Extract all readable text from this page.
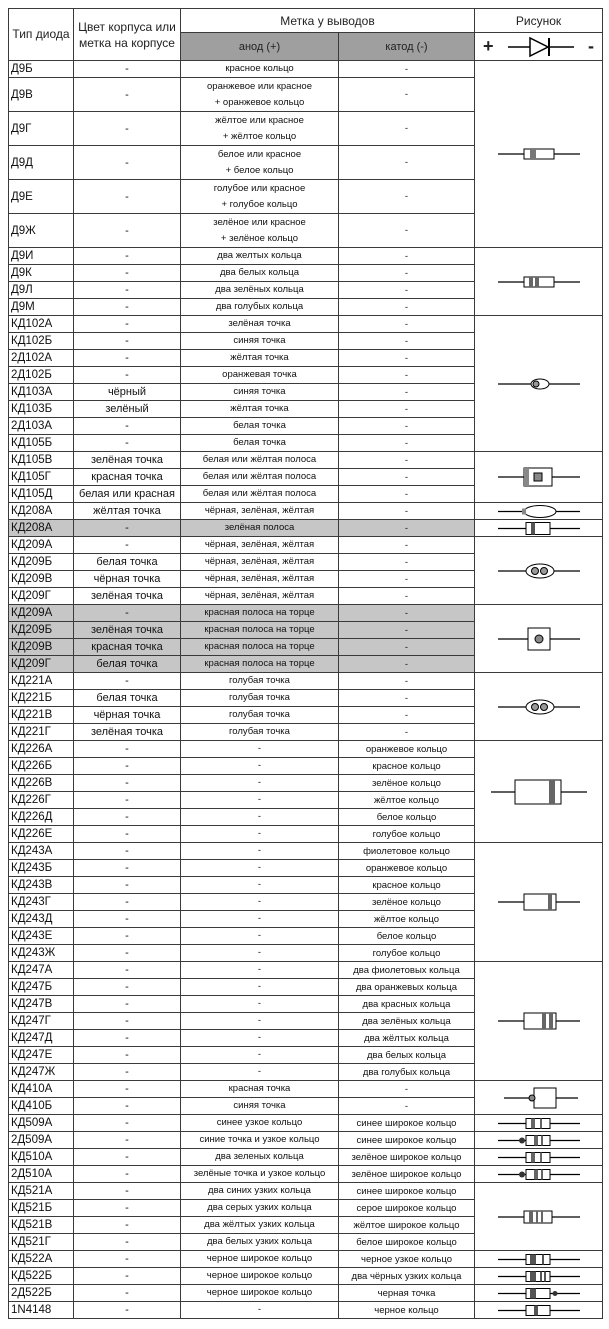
Тип диода	Цвет корпуса или метка на корпусе	Метка у выводов		Рисунок
		анод (+)	катод (-)	+ -

Д9Б	-	красное кольцо	-	

Д9В	-	оранжевое или красное
+ оранжевое кольцо	-	
Д9Г	-	жёлтое или красное
+ жёлтое кольцо	-	
Д9Д	-	белое или красное
+ белое кольцо	-	
Д9Е	-	голубое или красное
+ голубое кольцо	-	
Д9Ж	-	зелёное или красное
+ зелёное кольцо	-	
Д9И	-	два желтых кольца	-	

Д9К	-	два белых кольца	-	
Д9Л	-	два зелёных кольца	-	
Д9М	-	два голубых кольца	-	
КД102А	-	зелёная точка	-	

КД102Б	-	синяя точка	-	
2Д102А	-	жёлтая точка	-	
2Д102Б	-	оранжевая точка	-	
КД103А	чёрный	синяя точка	-	
КД103Б	зелёный	жёлтая точка	-	
2Д103А	-	белая точка	-	
КД105Б	-	белая точка	-	
КД105В	зелёная точка	белая или жёлтая полоса	-	

КД105Г	красная точка	белая или жёлтая полоса	-	
КД105Д	белая или красная	белая или жёлтая полоса	-	
КД208А	жёлтая точка	чёрная, зелёная, жёлтая	-	

КД208А	-	зелёная полоса	-	

КД209А	-	чёрная, зелёная, жёлтая	-	

КД209Б	белая точка	чёрная, зелёная, жёлтая	-	
КД209В	чёрная точка	чёрная, зелёная, жёлтая	-	
КД209Г	зелёная точка	чёрная, зелёная, жёлтая	-	
КД209А	-	красная полоса на торце	-	

КД209Б	зелёная точка	красная полоса на торце	-	
КД209В	красная точка	красная полоса на торце	-	
КД209Г	белая точка	красная полоса на торце	-	
КД221А	-	голубая точка	-	

КД221Б	белая точка	голубая точка	-	
КД221В	чёрная точка	голубая точка	-	
КД221Г	зелёная точка	голубая точка	-	
КД226А	-	-	оранжевое кольцо	

КД226Б	-	-	красное кольцо	
КД226В	-	-	зелёное кольцо	
КД226Г	-	-	жёлтое кольцо	
КД226Д	-	-	белое кольцо	
КД226Е	-	-	голубое кольцо	
КД243А	-	-	фиолетовое кольцо	

КД243Б	-	-	оранжевое кольцо	
КД243В	-	-	красное кольцо	
КД243Г	-	-	зелёное кольцо	
КД243Д	-	-	жёлтое кольцо	
КД243Е	-	-	белое кольцо	
КД243Ж	-	-	голубое кольцо	
КД247А	-	-	два фиолетовых кольца	

КД247Б	-	-	два оранжевых кольца	
КД247В	-	-	два красных кольца	
КД247Г	-	-	два зелёных кольца	
КД247Д	-	-	два жёлтых кольца	
КД247Е	-	-	два белых кольца	
КД247Ж	-	-	два голубых кольца	
КД410А	-	красная точка	-	

КД410Б	-	синяя точка	-	
КД509А	-	синее узкое кольцо	синее широкое кольцо	

2Д509А	-	синие точка и узкое кольцо	синее широкое кольцо	

КД510А	-	два зеленых кольца	зелёное широкое кольцо	

2Д510А	-	зелёные точка и узкое кольцо	зелёное широкое кольцо	

КД521А	-	два синих узких кольца	синее широкое кольцо	

КД521Б	-	два серых узких кольца	серое широкое кольцо	
КД521В	-	два жёлтых узких кольца	жёлтое широкое кольцо	
КД521Г	-	два белых узких кольца	белое широкое кольцо	
КД522А	-	черное широкое кольцо	черное узкое кольцо	

КД522Б	-	черное широкое кольцо	два чёрных узких кольца	

2Д522Б	-	черное широкое кольцо	черная точка	

1N4148	-	-	черное кольцо	
